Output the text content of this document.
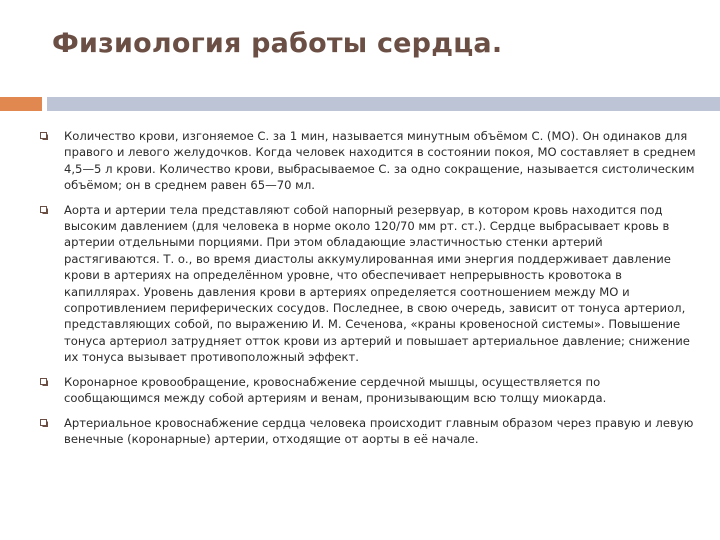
Физиология работы сердца.
Количество крови, изгоняемое С. за 1 мин, называется минутным объёмом С. (МО). Он одинаков для правого и левого желудочков. Когда человек находится в состоянии покоя, МО составляет в среднем 4,5—5 л крови. Количество крови, выбрасываемое С. за одно сокращение, называется систолическим объёмом; он в среднем равен 65—70 мл.
Аорта и артерии тела представляют собой напорный резервуар, в котором кровь находится под высоким давлением (для человека в норме около 120/70 мм рт. ст.). Сердце выбрасывает кровь в артерии отдельными порциями. При этом обладающие эластичностью стенки артерий растягиваются. Т. о., во время диастолы аккумулированная ими энергия поддерживает давление крови в артериях на определённом уровне, что обеспечивает непрерывность кровотока в капиллярах. Уровень давления крови в артериях определяется соотношением между МО и сопротивлением периферических сосудов. Последнее, в свою очередь, зависит от тонуса артериол, представляющих собой, по выражению И. М. Сеченова, «краны кровеносной системы». Повышение тонуса артериол затрудняет отток крови из артерий и повышает артериальное давление; снижение их тонуса вызывает противоположный эффект.
Коронарное кровообращение, кровоснабжение сердечной мышцы, осуществляется по сообщающимся между собой артериям и венам, пронизывающим всю толщу миокарда.
Артериальное кровоснабжение сердца человека происходит главным образом через правую и левую венечные (коронарные) артерии, отходящие от аорты в её начале.
